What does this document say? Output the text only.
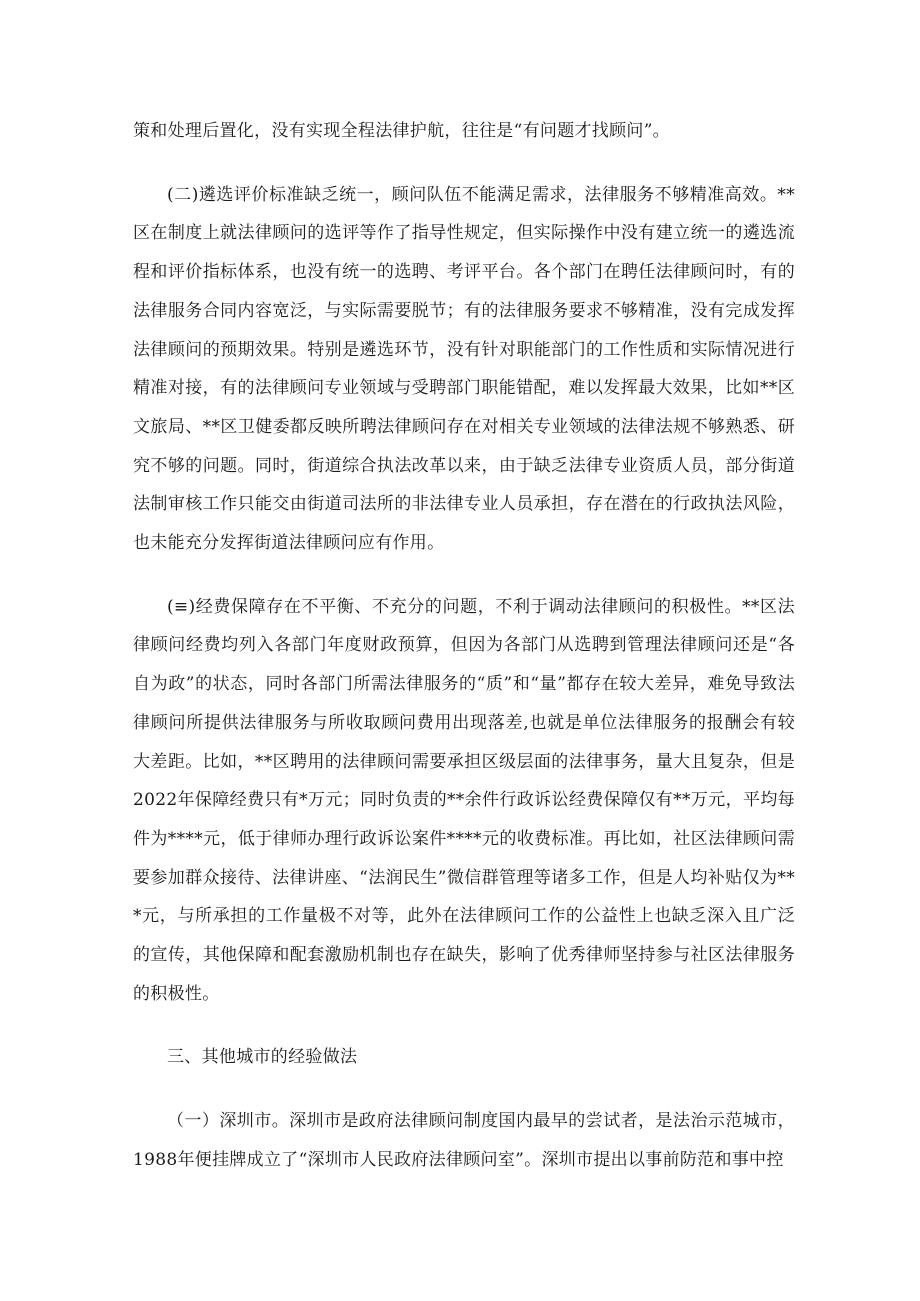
策和处理后置化，没有实现全程法律护航，往往是“有问题才找顾问”。

(二)遴选评价标准缺乏统一，顾问队伍不能满足需求，法律服务不够精准高效。**区在制度上就法律顾问的选评等作了指导性规定，但实际操作中没有建立统一的遴选流程和评价指标体系，也没有统一的选聘、考评平台。各个部门在聘任法律顾问时，有的法律服务合同内容宽泛，与实际需要脱节；有的法律服务要求不够精准，没有完成发挥法律顾问的预期效果。特别是遴选环节，没有针对职能部门的工作性质和实际情况进行精准对接，有的法律顾问专业领域与受聘部门职能错配，难以发挥最大效果，比如**区文旅局、**区卫健委都反映所聘法律顾问存在对相关专业领域的法律法规不够熟悉、研究不够的问题。同时，街道综合执法改革以来，由于缺乏法律专业资质人员，部分街道法制审核工作只能交由街道司法所的非法律专业人员承担，存在潜在的行政执法风险，也未能充分发挥街道法律顾问应有作用。

(≡)经费保障存在不平衡、不充分的问题，不利于调动法律顾问的积极性。**区法律顾问经费均列入各部门年度财政预算，但因为各部门从选聘到管理法律顾问还是“各自为政”的状态，同时各部门所需法律服务的“质”和“量”都存在较大差异，难免导致法律顾问所提供法律服务与所收取顾问费用出现落差,也就是单位法律服务的报酬会有较大差距。比如，**区聘用的法律顾问需要承担区级层面的法律事务，量大且复杂，但是2022年保障经费只有*万元；同时负责的**余件行政诉讼经费保障仅有**万元，平均每件为****元，低于律师办理行政诉讼案件****元的收费标准。再比如，社区法律顾问需要参加群众接待、法律讲座、“法润民生”微信群管理等诸多工作，但是人均补贴仅为***元，与所承担的工作量极不对等，此外在法律顾问工作的公益性上也缺乏深入且广泛的宣传，其他保障和配套激励机制也存在缺失，影响了优秀律师坚持参与社区法律服务的积极性。

三、其他城市的经验做法

（一）深圳市。深圳市是政府法律顾问制度国内最早的尝试者，是法治示范城市，1988年便挂牌成立了“深圳市人民政府法律顾问室”。深圳市提出以事前防范和事中控
